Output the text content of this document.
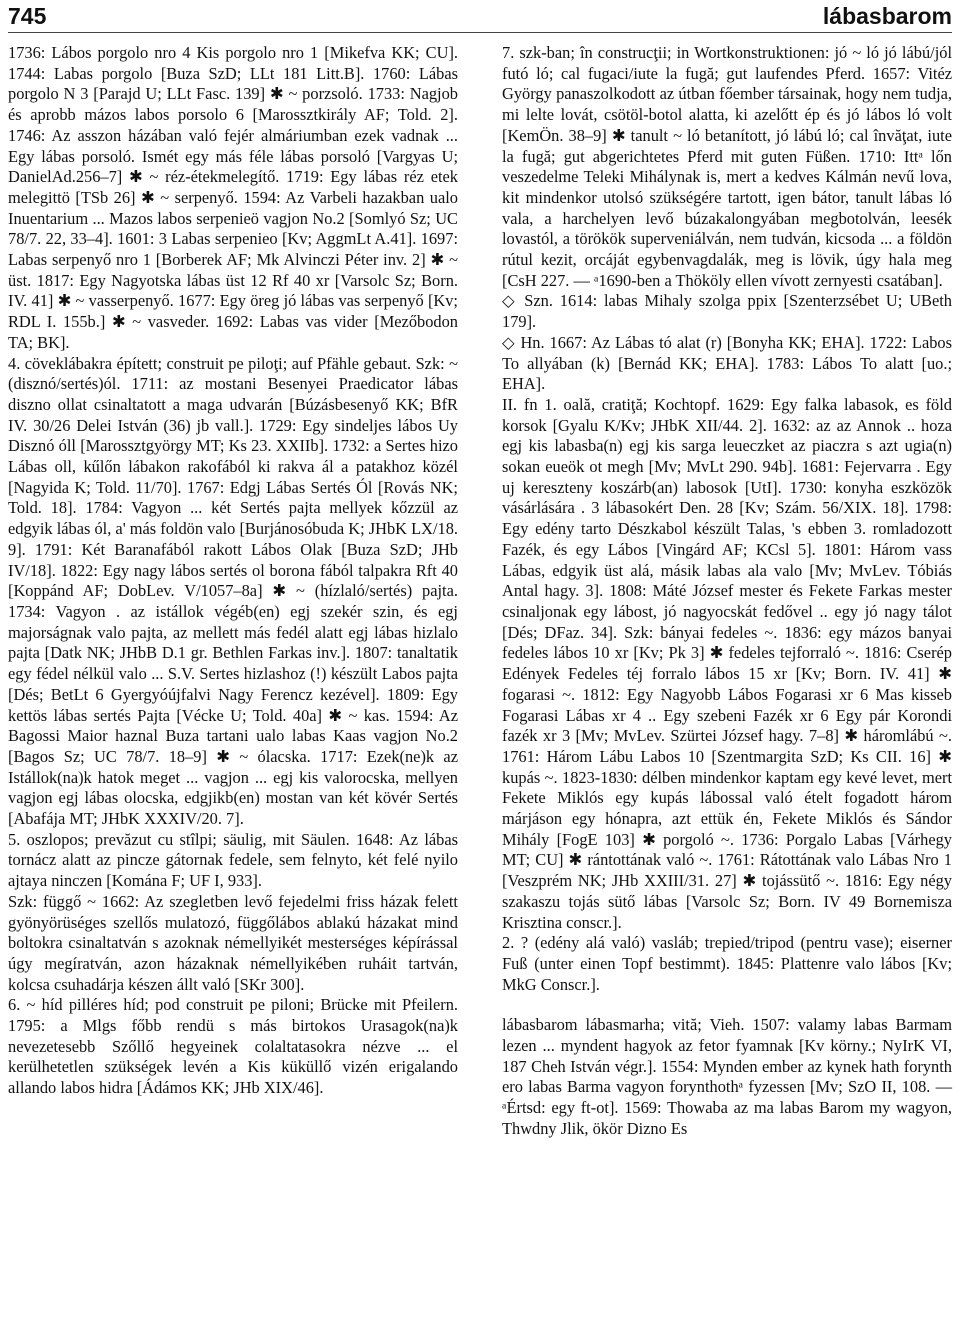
745	lábasbarom

1736: Lábos porgolo nro 4 Kis porgolo nro 1 [Mikefva KK; CU]. 1744: Labas porgolo [Buza SzD; LLt 181 Litt.B]. 1760: Lábas porgolo N 3 [Parajd U; LLt Fasc. 139] ✱ ~ porzsoló. 1733: Nagjob és aprobb mázos labos porsolo 6 [Marossztkirály AF; Told. 2]. 1746: Az asszon házában való fejér almáriumban ezek vadnak ... Egy lábas porsoló. Ismét egy más féle lábas porsoló [Vargyas U; DanielAd.256–7] ✱ ~ réz-étekmelegítő. 1719: Egy lábas réz etek melegittö [TSb 26] ✱ ~ serpenyő. 1594: Az Varbeli hazakban ualo Inuentarium ... Mazos labos serpenieö vagjon No.2 [Somlyó Sz; UC 78/7. 22, 33–4]. 1601: 3 Labas serpenieo [Kv; AggmLt A.41]. 1697: Labas serpenyő nro 1 [Borberek AF; Mk Alvinczi Péter inv. 2] ✱ ~ üst. 1817: Egy Nagyotska lábas üst 12 Rf 40 xr [Varsolc Sz; Born. IV. 41] ✱ ~ vasserpenyő. 1677: Egy öreg jó lábas vas serpenyő [Kv; RDL I. 155b.] ✱ ~ vasveder. 1692: Labas vas vider [Mezőbodon TA; BK].

4. cöveklábakra épített; construit pe piloţi; auf Pfähle gebaut. Szk: ~ (disznó/sertés)ól. 1711: az mostani Besenyei Praedicator lábas diszno ollat csinaltatott a maga udvarán [Búzásbesenyő KK; BfR IV. 30/26 Delei István (36) jb vall.]. 1729: Egy sindeljes lábos Uy Disznó óll [Marossztgyörgy MT; Ks 23. XXIIb]. 1732: a Sertes hizo Lábas oll, kűlőn lábakon rakofából ki rakva ál a patakhoz közél [Nagyida K; Told. 11/70]. 1767: Edgj Lábas Sertés Ól [Rovás NK; Told. 18]. 1784: Vagyon ... két Sertés pajta mellyek kőzzül az edgyik lábas ól, a' más foldön valo [Burjánosóbuda K; JHbK LX/18. 9]. 1791: Két Baranafából rakott Lábos Olak [Buza SzD; JHb IV/18]. 1822: Egy nagy lábos sertés ol borona fából talpakra Rft 40 [Koppánd AF; DobLev. V/1057–8a] ✱ ~ (hízlaló/sertés) pajta. 1734: Vagyon . az istállok végéb(en) egj szekér szin, és egj majorságnak valo pajta, az mellett más fedél alatt egj lábas hizlalo pajta [Datk NK; JHbB D.1 gr. Bethlen Farkas inv.]. 1807: tanaltatik egy fédel nélkül valo ... S.V. Sertes hizlashoz (!) készült Labos pajta [Dés; BetLt 6 Gyergyóújfalvi Nagy Ferencz kezével]. 1809: Egy kettös lábas sertés Pajta [Vécke U; Told. 40a] ✱ ~ kas. 1594: Az Bagossi Maior haznal Buza tartani ualo labas Kaas vagjon No.2 [Bagos Sz; UC 78/7. 18–9] ✱ ~ ólacska. 1717: Ezek(ne)k az Istállok(na)k hatok meget ... vagjon ... egj kis valorocska, mellyen vagjon egj lábas olocska, edgjikb(en) mostan van két kövér Sertés [Abafája MT; JHbK XXXIV/20. 7].

5. oszlopos; prevăzut cu stîlpi; säulig, mit Säulen. 1648: Az lábas tornácz alatt az pincze gátornak fedele, sem felnyto, két felé nyilo ajtaya ninczen [Komána F; UF I, 933].

Szk: függő ~ 1662: Az szegletben levő fejedelmi friss házak felett gyönyörüséges szellős mulatozó, függőlábos ablakú házakat mind boltokra csinaltatván s azoknak némellyikét mesterséges képírással úgy megíratván, azon házaknak némellyikében ruháit tartván, kolcsa csuhadárja készen állt való [SKr 300].

6. ~ híd pilléres híd; pod construit pe piloni; Brücke mit Pfeilern. 1795: a Mlgs főbb rendü s más birtokos Urasagok(na)k nevezetesebb Szőllő hegyeinek colaltatasokra nézve ... el kerülhetetlen szükségek levén a Kis küküllő vizén erigalando allando labos hidra [Ádámos KK; JHb XIX/46].

7. szk-ban; în construcţii; in Wortkonstruktionen: jó ~ ló jó lábú/jól futó ló; cal fugaci/iute la fugă; gut laufendes Pferd. 1657: Vitéz György panaszolkodott az útban főember társainak, hogy nem tudja, mi lelte lovát, csötöl-botol alatta, ki azelőtt ép és jó lábos ló volt [KemÖn. 38–9] ✱ tanult ~ ló betanított, jó lábú ló; cal învăţat, iute la fugă; gut abgerichtetes Pferd mit guten Füßen. 1710: Ittᵃ lőn veszedelme Teleki Mihálynak is, mert a kedves Kálmán nevű lova, kit mindenkor utolsó szükségére tartott, igen bátor, tanult lábas ló vala, a harchelyen levő búzakalongyában megbotolván, leesék lovastól, a törökök superveniálván, nem tudván, kicsoda ... a földön rútul kezit, orcáját egybenvagdalák, meg is lövik, úgy hala meg [CsH 227. — ᵃ1690-ben a Thököly ellen vívott zernyesti csatában].

◇ Szn. 1614: labas Mihaly szolga ppix [Szenterzsébet U; UBeth 179].

◇ Hn. 1667: Az Lábas tó alat (r) [Bonyha KK; EHA]. 1722: Labos To allyában (k) [Bernád KK; EHA]. 1783: Lábos To alatt [uo.; EHA].

II. fn 1. oală, cratiţă; Kochtopf. 1629: Egy falka labasok, es föld korsok [Gyalu K/Kv; JHbK XII/44. 2]. 1632: az az Annok .. hoza egj kis labasba(n) egj kis sarga leueczket az piaczra s azt ugia(n) sokan eueök ot megh [Mv; MvLt 290. 94b]. 1681: Fejervarra . Egy uj kereszteny koszárb(an) labosok [UtI]. 1730: konyha eszközök vásárlására . 3 lábasokért Den. 28 [Kv; Szám. 56/XIX. 18]. 1798: Egy edény tarto Dészkabol készült Talas, 's ebben 3. romladozott Fazék, és egy Lábos [Vingárd AF; KCsl 5]. 1801: Három vass Lábas, edgyik üst alá, másik labas ala valo [Mv; MvLev. Tóbiás Antal hagy. 3]. 1808: Máté József mester és Fekete Farkas mester csinaljonak egy lábost, jó nagyocskát fedővel .. egy jó nagy tálot [Dés; DFaz. 34]. Szk: bányai fedeles ~. 1836: egy mázos banyai fedeles lábos 10 xr [Kv; Pk 3] ✱ fedeles tejforraló ~. 1816: Cserép Edények Fedeles téj forralo lábos 15 xr [Kv; Born. IV. 41] ✱ fogarasi ~. 1812: Egy Nagyobb Lábos Fogarasi xr 6 Mas kisseb Fogarasi Lábas xr 4 .. Egy szebeni Fazék xr 6 Egy pár Korondi fazék xr 3 [Mv; MvLev. Szürtei József hagy. 7–8] ✱ háromlábú ~. 1761: Három Lábu Labos 10 [Szentmargita SzD; Ks CII. 16] ✱ kupás ~. 1823-1830: délben mindenkor kaptam egy kevé levet, mert Fekete Miklós egy kupás lábossal való ételt fogadott három márjáson egy hónapra, azt ettük én, Fekete Miklós és Sándor Mihály [FogE 103] ✱ porgoló ~. 1736: Porgalo Labas [Várhegy MT; CU] ✱ rántottának való ~. 1761: Rátottának valo Lábas Nro 1 [Veszprém NK; JHb XXIII/31. 27] ✱ tojássütő ~. 1816: Egy négy szakaszu tojás sütő lábas [Varsolc Sz; Born. IV 49 Bornemisza Krisztina conscr.].

2. ? (edény alá való) vasláb; trepied/tripod (pentru vase); eiserner Fuß (unter einen Topf bestimmt). 1845: Plattenre valo lábos [Kv; MkG Conscr.].

lábasbarom lábasmarha; vită; Vieh. 1507: valamy labas Barmam lezen ... myndent hagyok az fetor fyamnak [Kv körny.; NyIrK VI, 187 Cheh István végr.]. 1554: Mynden ember az kynek hath forynth ero labas Barma vagyon forynthothᵃ fyzessen [Mv; SzO II, 108. — ᵃÉrtsd: egy ft-ot]. 1569: Thowaba az ma labas Barom my wagyon, Thwdny Jlik, ökör Dizno Es
